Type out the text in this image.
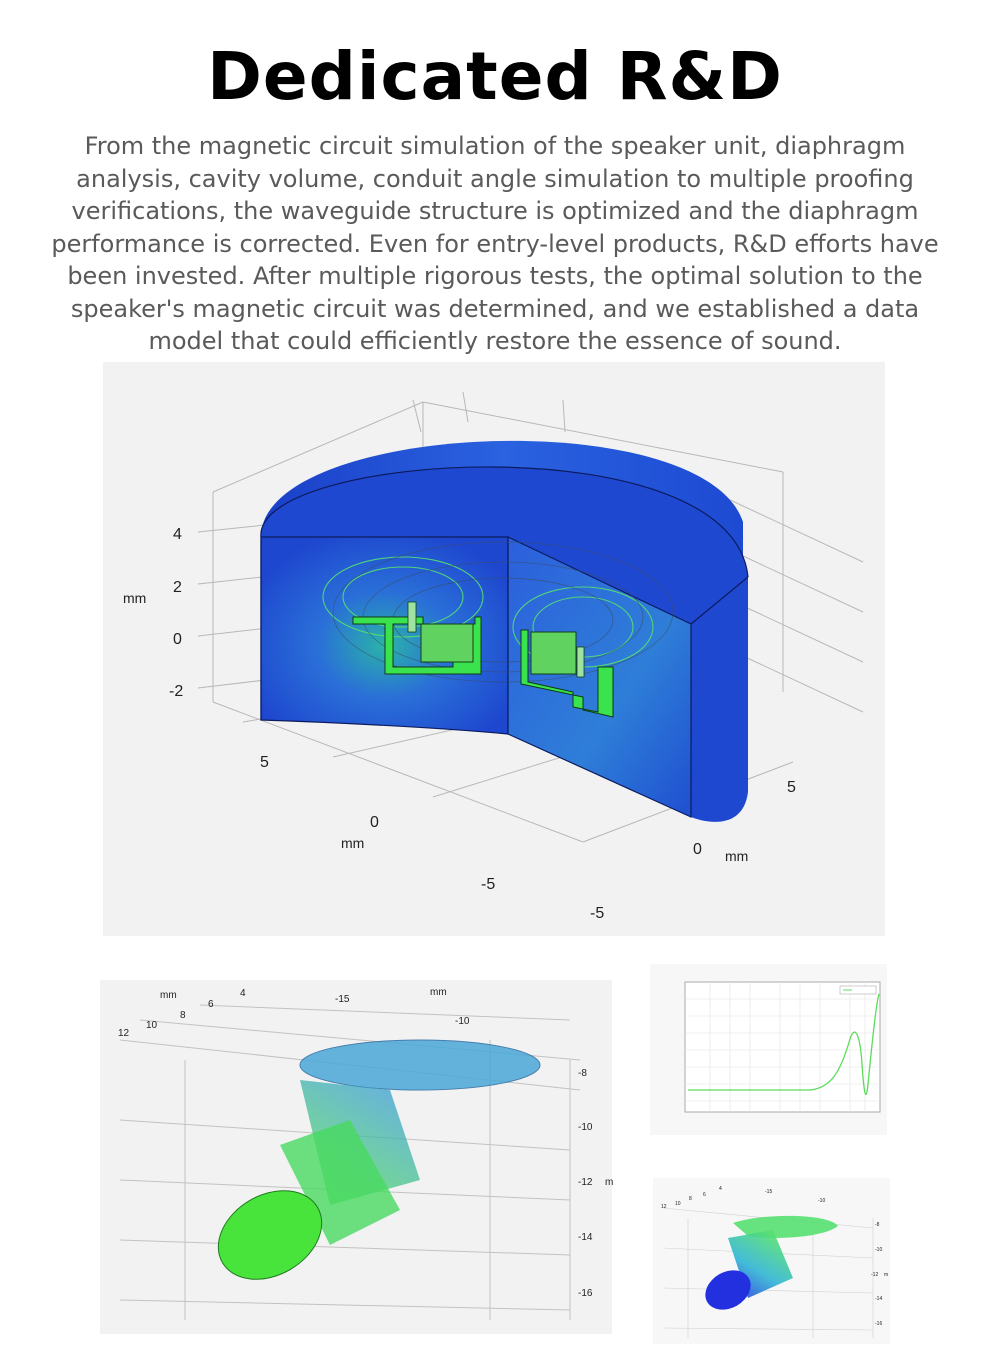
Dedicated R&D
From the magnetic circuit simulation of the speaker unit, diaphragm analysis, cavity volume, conduit angle simulation to multiple proofing verifications, the waveguide structure is optimized and the diaphragm performance is corrected. Even for entry-level products, R&D efforts have been invested. After multiple rigorous tests, the optimal solution to the speaker's magnetic circuit was determined, and we established a data model that could efficiently restore the essence of sound.
4
2
0
-2
mm
5
0
mm
-5
5
0 mm
-5
mm	mm
12
10
8
6
4
-15
-10
-8
-10
-12 m
-14
-16
12 10
8
6
4	-15
-10
-8
-10
-12 m
-14
-16
